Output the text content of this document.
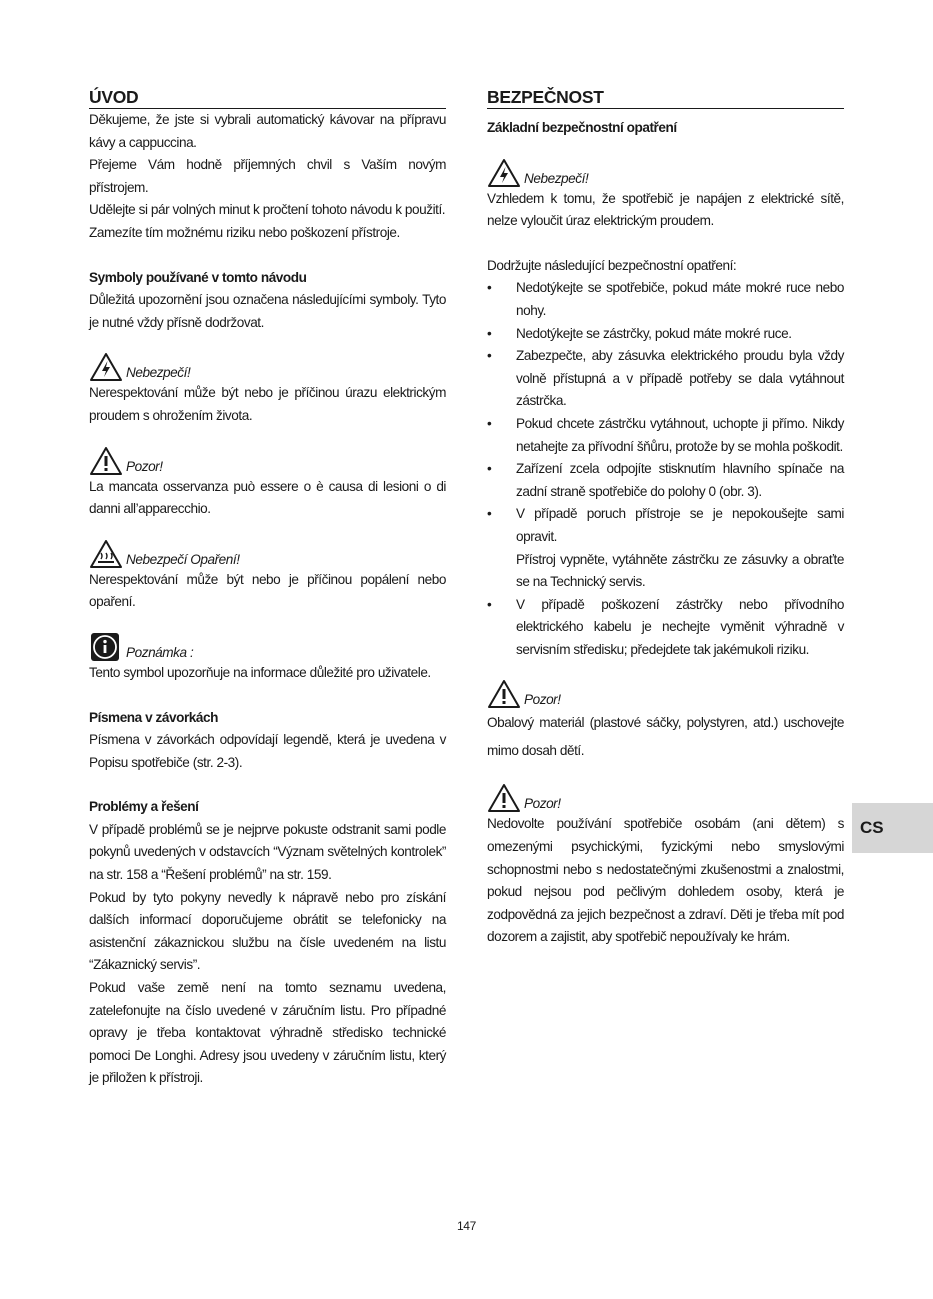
ÚVOD

Děkujeme, že jste si vybrali automatický kávovar na přípravu kávy a cappuccina.

Přejeme Vám hodně příjemných chvil s Vaším novým přístrojem.

Udělejte si pár volných minut k pročtení tohoto návodu k použití.

Zamezíte tím možnému riziku nebo poškození přístroje.

Symboly používané v tomto návodu

Důležitá upozornění jsou označena následujícími symboly. Tyto je nutné vždy přísně dodržovat.

Nebezpečí!

Nerespektování může být nebo je příčinou úrazu elektrickým proudem s ohrožením života.

Pozor!

La mancata osservanza può essere o è causa di lesioni o di danni all’apparecchio.

Nebezpečí Opaření!

Nerespektování může být nebo je příčinou popálení nebo opaření.

Poznámka :

Tento symbol upozorňuje na informace důležité pro uživatele.

Písmena v závorkách

Písmena v závorkách odpovídají legendě, která je uvedena v Popisu spotřebiče (str. 2-3).

Problémy a řešení

V případě problémů se je nejprve pokuste odstranit sami podle pokynů uvedených v odstavcích “Význam světelných kontrolek” na str. 158 a “Řešení problémů” na str. 159.

Pokud by tyto pokyny nevedly k nápravě nebo pro získání dalších informací doporučujeme obrátit se telefonicky na asistenční zákaznickou službu na čísle uvedeném na listu “Zákaznický servis”.

Pokud vaše země není na tomto seznamu uvedena, zatelefonujte na číslo uvedené v záručním listu. Pro případné opravy je třeba kontaktovat výhradně středisko technické pomoci De Longhi. Adresy jsou uvedeny v záručním listu, který je přiložen k přístroji.

BEZPEČNOST

Základní bezpečnostní opatření

Nebezpečí!

Vzhledem k tomu, že spotřebič je napájen z elektrické sítě, nelze vyloučit úraz elektrickým proudem.

Dodržujte následující bezpečnostní opatření:

• Nedotýkejte se spotřebiče, pokud máte mokré ruce nebo nohy.
• Nedotýkejte se zástrčky, pokud máte mokré ruce.
• Zabezpečte, aby zásuvka elektrického proudu byla vždy volně přístupná a v případě potřeby se dala vytáhnout zástrčka.
• Pokud chcete zástrčku vytáhnout, uchopte ji přímo. Nikdy netahejte za přívodní šňůru, protože by se mohla poškodit.
• Zařízení zcela odpojíte stisknutím hlavního spínače na zadní straně spotřebiče do polohy 0 (obr. 3).
• V případě poruch přístroje se je nepokoušejte sami opravit.
Přístroj vypněte, vytáhněte zástrčku ze zásuvky a obraťte se na Technický servis.
• V případě poškození zástrčky nebo přívodního elektrického kabelu je nechejte vyměnit výhradně v servisním středisku; předejdete tak jakémukoli riziku.
Pozor!

Obalový materiál (plastové sáčky, polystyren, atd.) uschovejte mimo dosah dětí.

Pozor!

Nedovolte používání spotřebiče osobám (ani dětem) s omezenými psychickými, fyzickými nebo smyslovými schopnostmi nebo s nedostatečnými zkušenostmi a znalostmi, pokud nejsou pod pečlivým dohledem osoby, která je zodpovědná za jejich bezpečnost a zdraví. Děti je třeba mít pod dozorem a zajistit, aby spotřebič nepoužívaly ke hrám.

CS
147
